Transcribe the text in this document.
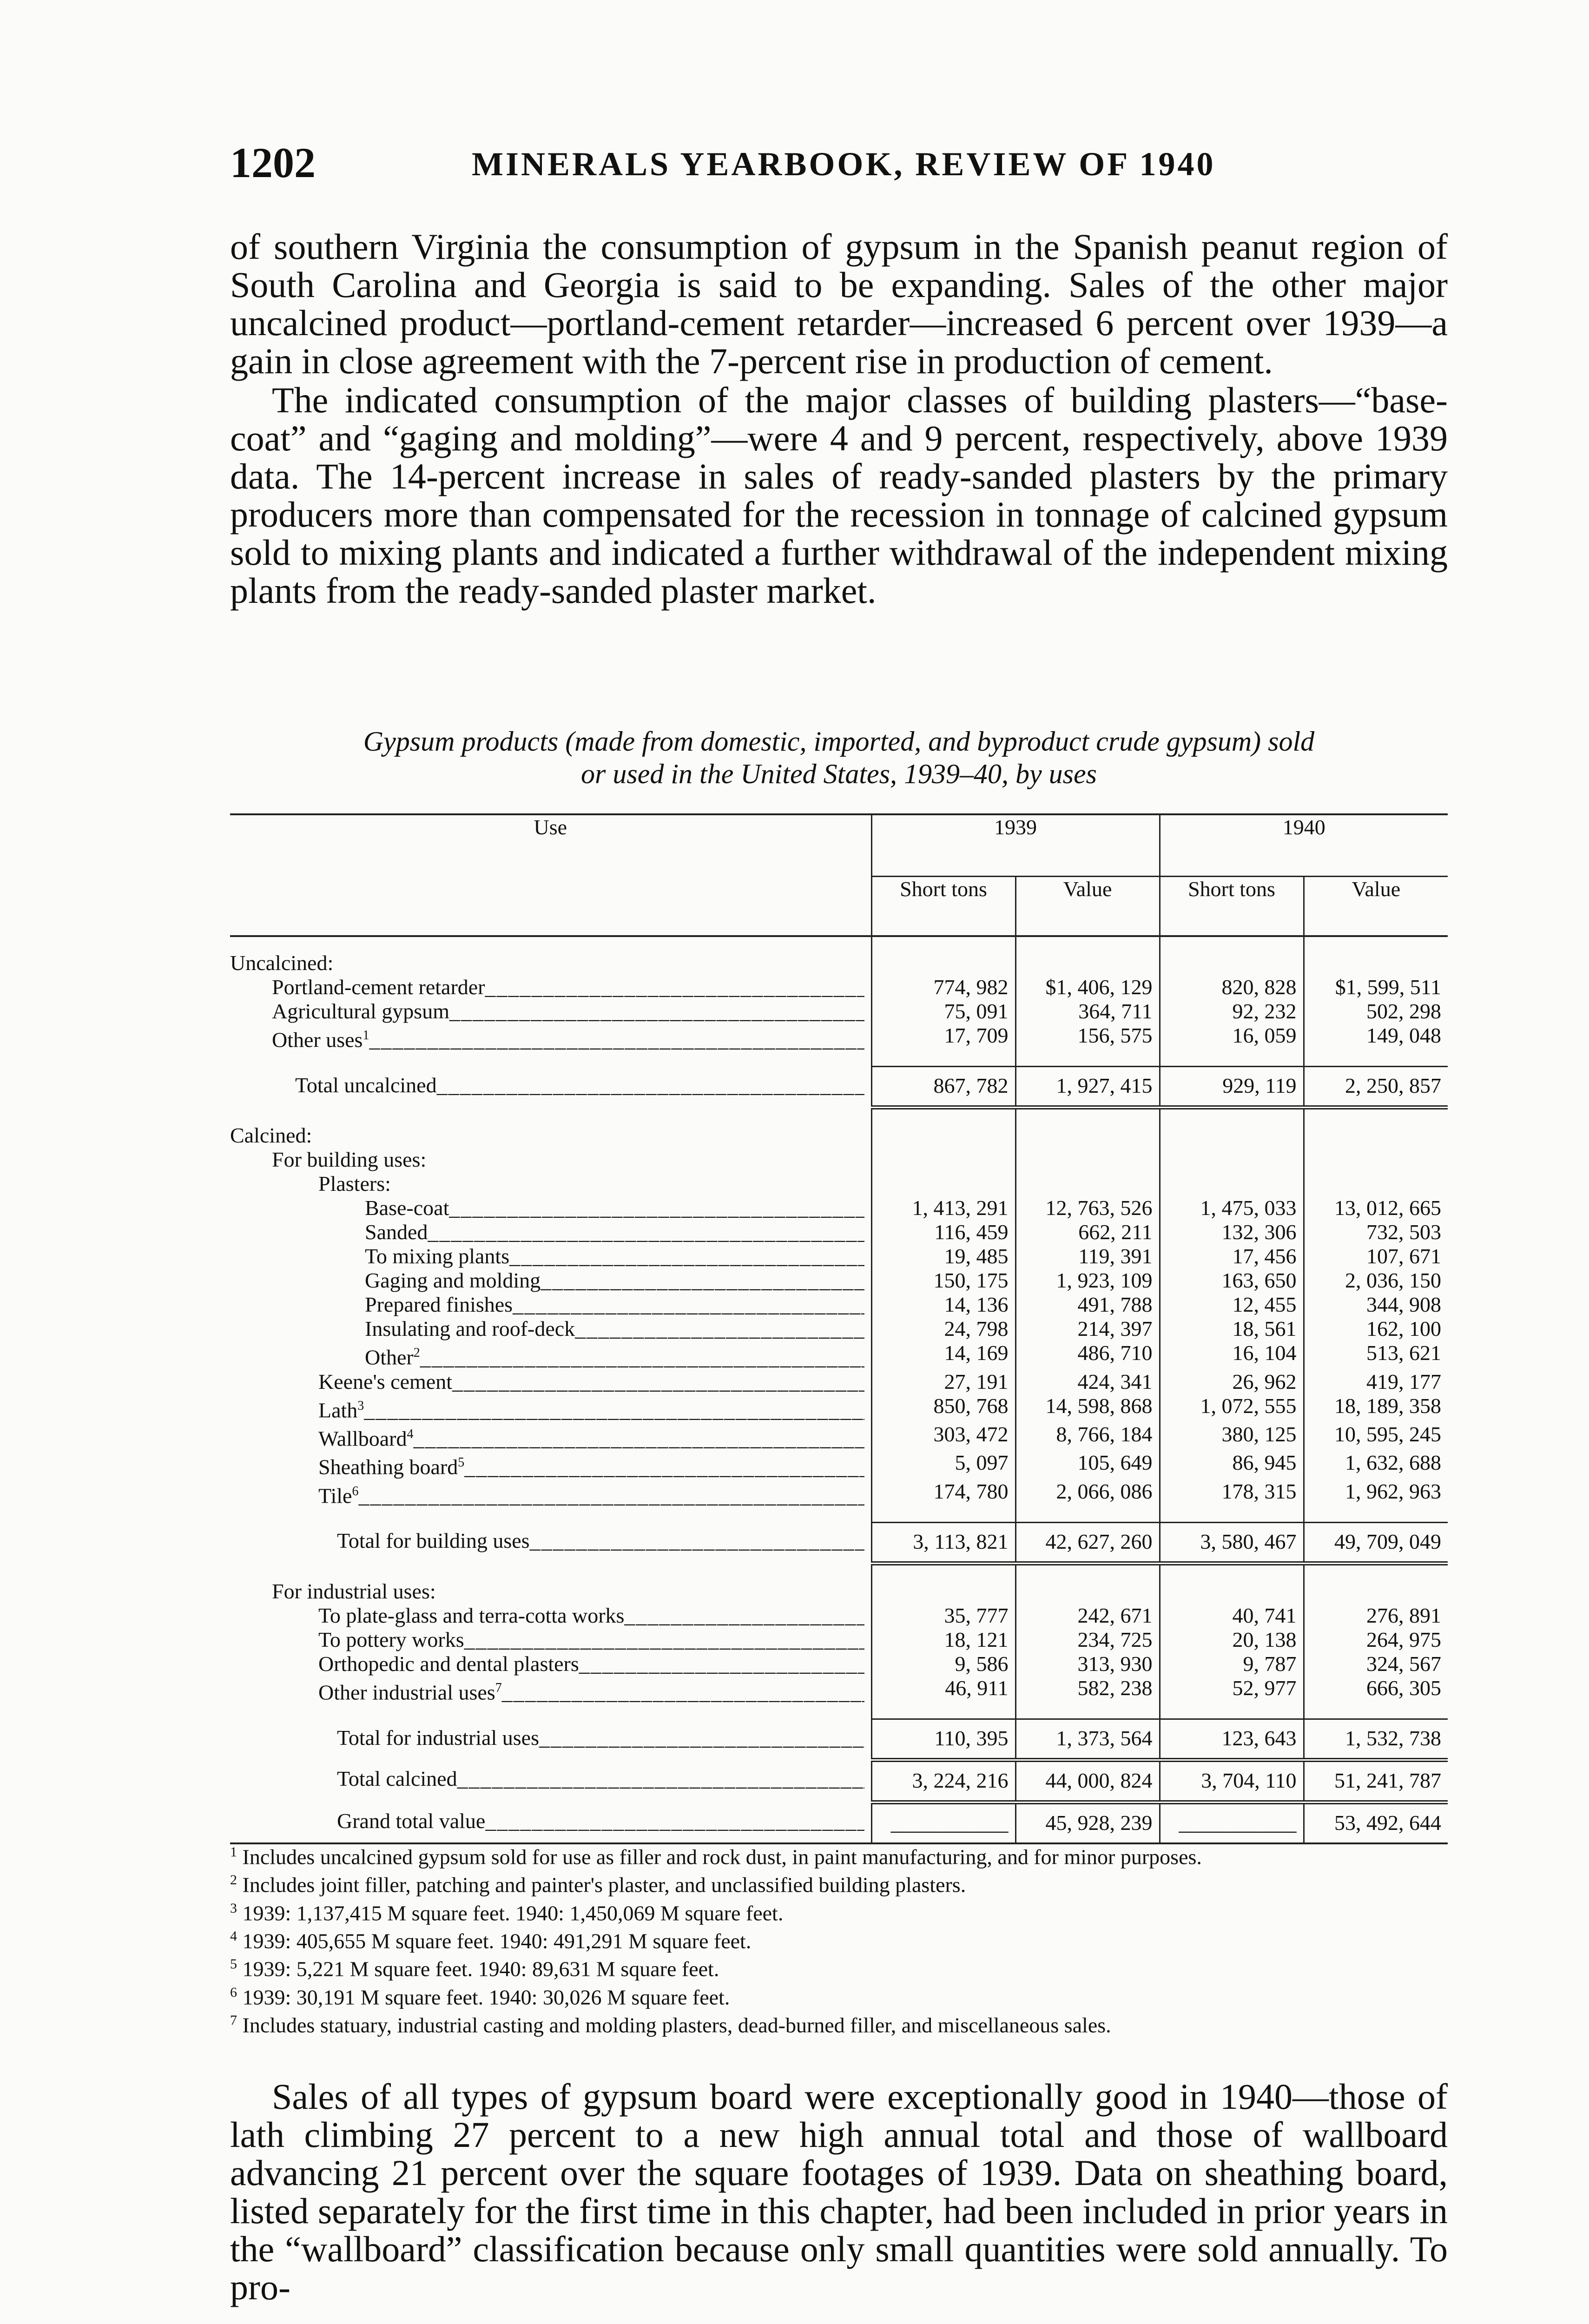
1202	MINERALS YEARBOOK, REVIEW OF 1940

of southern Virginia the consumption of gypsum in the Spanish peanut region of South Carolina and Georgia is said to be expanding. Sales of the other major uncalcined product—portland-cement retarder—increased 6 percent over 1939—a gain in close agreement with the 7-percent rise in production of cement.

The indicated consumption of the major classes of building plasters—“base-coat” and “gaging and molding”—were 4 and 9 percent, respectively, above 1939 data. The 14-percent increase in sales of ready-sanded plasters by the primary producers more than compensated for the recession in tonnage of calcined gypsum sold to mixing plants and indicated a further withdrawal of the independent mixing plants from the ready-sanded plaster market.

Gypsum products (made from domestic, imported, and byproduct crude gypsum) sold
or used in the United States, 1939–40, by uses
Use	1939		1940	
	Short tons	Value	Short tons	Value

Uncalcined:				

Portland-cement retarder _____	774, 982	$1, 406, 129	820, 828	$1, 599, 511

Agricultural gypsum _____	75, 091	364, 711	92, 232	502, 298

Other uses$^1$ _____	17, 709	156, 575	16, 059	149, 048

Total uncalcined _____	867, 782	1, 927, 415	929, 119	2, 250, 857

Calcined:				
For building uses:				
Plasters:				

Base-coat _____	1, 413, 291	12, 763, 526	1, 475, 033	13, 012, 665

Sanded _____	116, 459	662, 211	132, 306	732, 503

To mixing plants _____	19, 485	119, 391	17, 456	107, 671

Gaging and molding _____	150, 175	1, 923, 109	163, 650	2, 036, 150

Prepared finishes _____	14, 136	491, 788	12, 455	344, 908

Insulating and roof-deck _____	24, 798	214, 397	18, 561	162, 100

Other$^2$ _____	14, 169	486, 710	16, 104	513, 621

Keene's cement _____	27, 191	424, 341	26, 962	419, 177

Lath$^3$ _____	850, 768	14, 598, 868	1, 072, 555	18, 189, 358

Wallboard$^4$ _____	303, 472	8, 766, 184	380, 125	10, 595, 245

Sheathing board$^5$ _____	5, 097	105, 649	86, 945	1, 632, 688

Tile$^6$ _____	174, 780	2, 066, 086	178, 315	1, 962, 963

Total for building uses _____	3, 113, 821	42, 627, 260	3, 580, 467	49, 709, 049

For industrial uses:				

To plate-glass and terra-cotta works _____	35, 777	242, 671	40, 741	276, 891

To pottery works _____	18, 121	234, 725	20, 138	264, 975

Orthopedic and dental plasters _____	9, 586	313, 930	9, 787	324, 567

Other industrial uses$^7$ _____	46, 911	582, 238	52, 977	666, 305

Total for industrial uses _____	110, 395	1, 373, 564	123, 643	1, 532, 738

Total calcined _____	3, 224, 216	44, 000, 824	3, 704, 110	51, 241, 787

Grand total value _____	___________	45, 928, 239	___________	53, 492, 644
$^1$ Includes uncalcined gypsum sold for use as filler and rock dust, in paint manufacturing, and for minor purposes.
$^2$ Includes joint filler, patching and painter's plaster, and unclassified building plasters.
$^3$ 1939: 1,137,415 M square feet. 1940: 1,450,069 M square feet.
$^4$ 1939: 405,655 M square feet. 1940: 491,291 M square feet.
$^5$ 1939: 5,221 M square feet. 1940: 89,631 M square feet.
$^6$ 1939: 30,191 M square feet. 1940: 30,026 M square feet.
$^7$ Includes statuary, industrial casting and molding plasters, dead-burned filler, and miscellaneous sales.

Sales of all types of gypsum board were exceptionally good in 1940—those of lath climbing 27 percent to a new high annual total and those of wallboard advancing 21 percent over the square footages of 1939. Data on sheathing board, listed separately for the first time in this chapter, had been included in prior years in the “wallboard” classification because only small quantities were sold annually. To pro-
